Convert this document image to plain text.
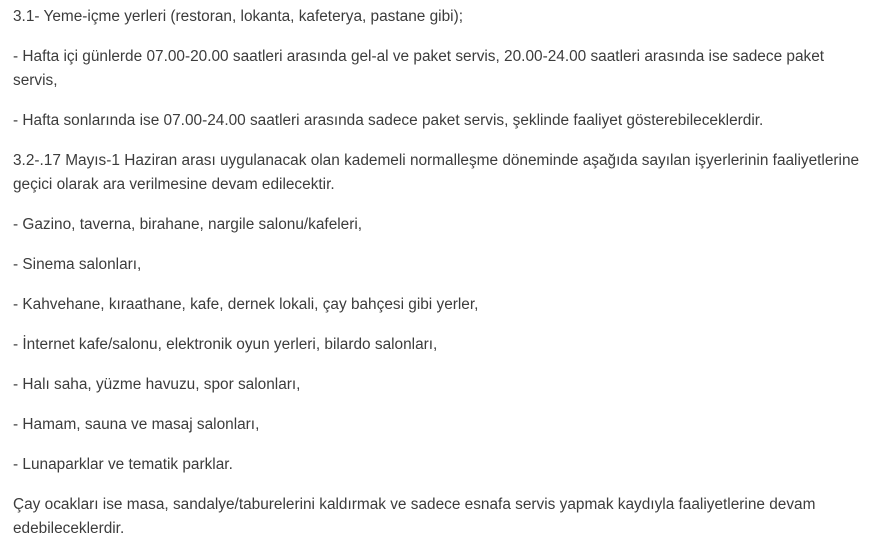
3.1- Yeme-içme yerleri (restoran, lokanta, kafeterya, pastane gibi);

- Hafta içi günlerde 07.00-20.00 saatleri arasında gel-al ve paket servis, 20.00-24.00 saatleri arasında ise sadece paket servis,

- Hafta sonlarında ise 07.00-24.00 saatleri arasında sadece paket servis, şeklinde faaliyet gösterebileceklerdir.

3.2-.17 Mayıs-1 Haziran arası uygulanacak olan kademeli normalleşme döneminde aşağıda sayılan işyerlerinin faaliyetlerine geçici olarak ara verilmesine devam edilecektir.

- Gazino, taverna, birahane, nargile salonu/kafeleri,

- Sinema salonları,

- Kahvehane, kıraathane, kafe, dernek lokali, çay bahçesi gibi yerler,

- İnternet kafe/salonu, elektronik oyun yerleri, bilardo salonları,

- Halı saha, yüzme havuzu, spor salonları,

- Hamam, sauna ve masaj salonları,

- Lunaparklar ve tematik parklar.

Çay ocakları ise masa, sandalye/taburelerini kaldırmak ve sadece esnafa servis yapmak kaydıyla faaliyetlerine devam edebileceklerdir.
